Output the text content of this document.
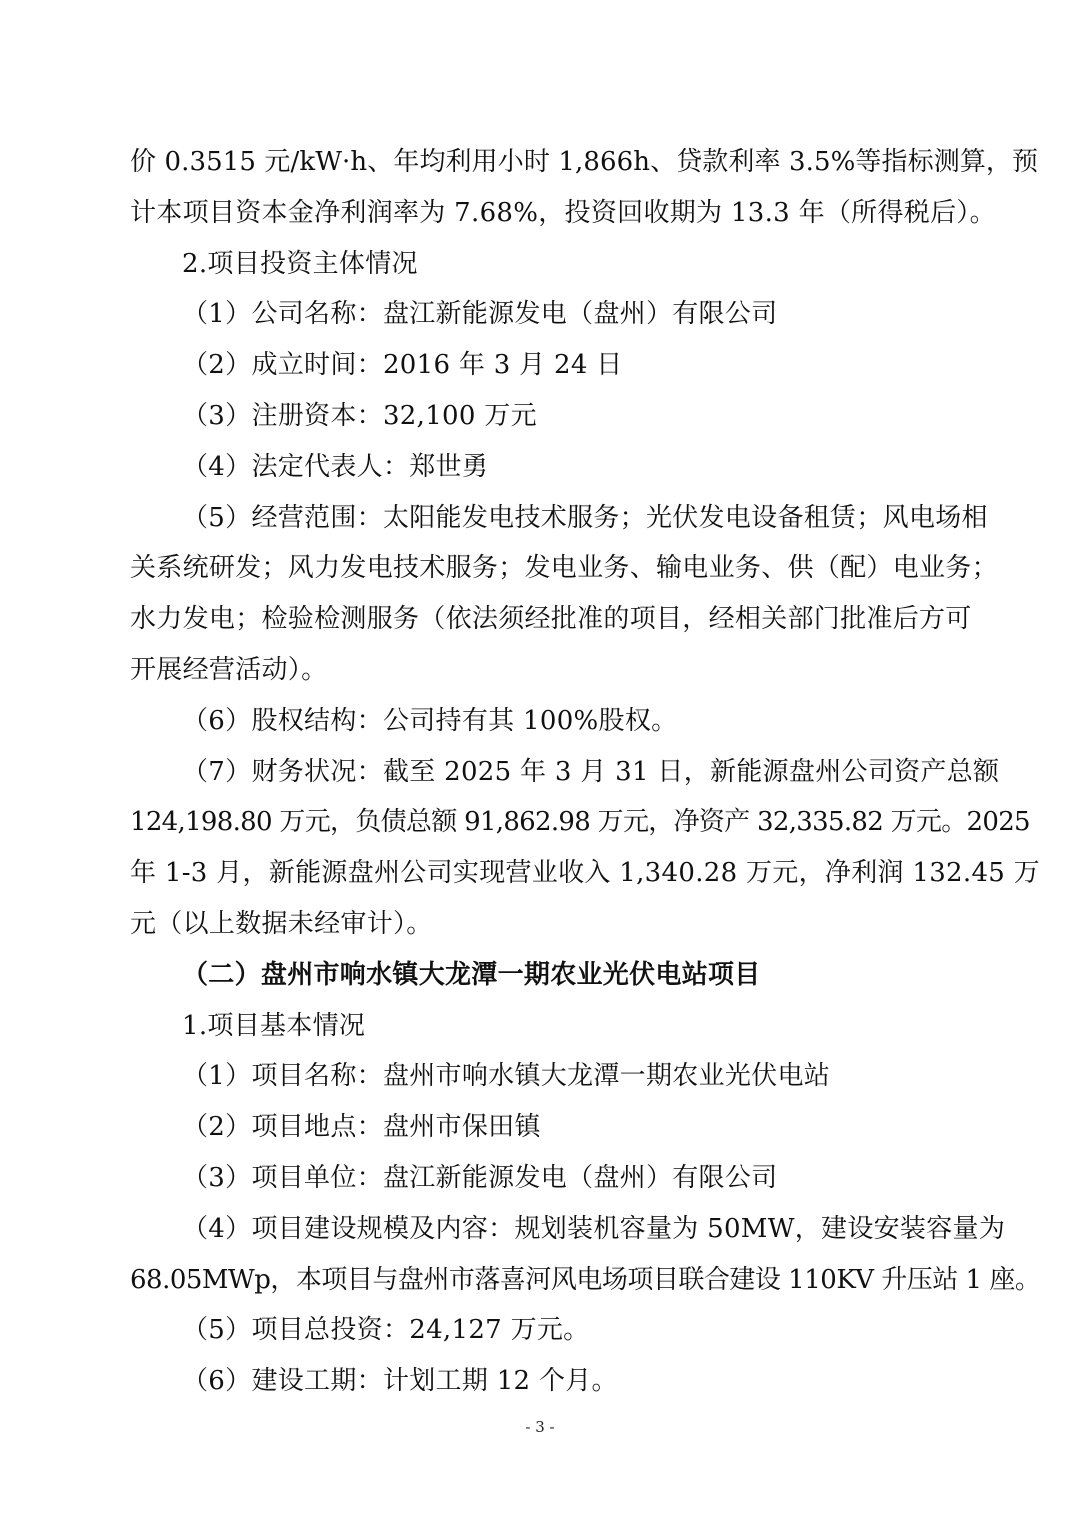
价 0.3515 元/kW·h、年均利用小时 1,866h、贷款利率 3.5%等指标测算，预
计本项目资本金净利润率为 7.68%，投资回收期为 13.3 年（所得税后）。
2.项目投资主体情况
（1）公司名称：盘江新能源发电（盘州）有限公司
（2）成立时间：2016 年 3 月 24 日
（3）注册资本：32,100 万元
（4）法定代表人：郑世勇
（5）经营范围：太阳能发电技术服务；光伏发电设备租赁；风电场相
关系统研发；风力发电技术服务；发电业务、输电业务、供（配）电业务；
水力发电；检验检测服务（依法须经批准的项目，经相关部门批准后方可
开展经营活动）。
（6）股权结构：公司持有其 100%股权。
（7）财务状况：截至 2025 年 3 月 31 日，新能源盘州公司资产总额
124,198.80 万元，负债总额 91,862.98 万元，净资产 32,335.82 万元。2025
年 1-3 月，新能源盘州公司实现营业收入 1,340.28 万元，净利润 132.45 万
元（以上数据未经审计）。
（二）盘州市响水镇大龙潭一期农业光伏电站项目
1.项目基本情况
（1）项目名称：盘州市响水镇大龙潭一期农业光伏电站
（2）项目地点：盘州市保田镇
（3）项目单位：盘江新能源发电（盘州）有限公司
（4）项目建设规模及内容：规划装机容量为 50MW，建设安装容量为
68.05MWp，本项目与盘州市落喜河风电场项目联合建设 110KV 升压站 1 座。
（5）项目总投资：24,127 万元。
（6）建设工期：计划工期 12 个月。
- 3 -
